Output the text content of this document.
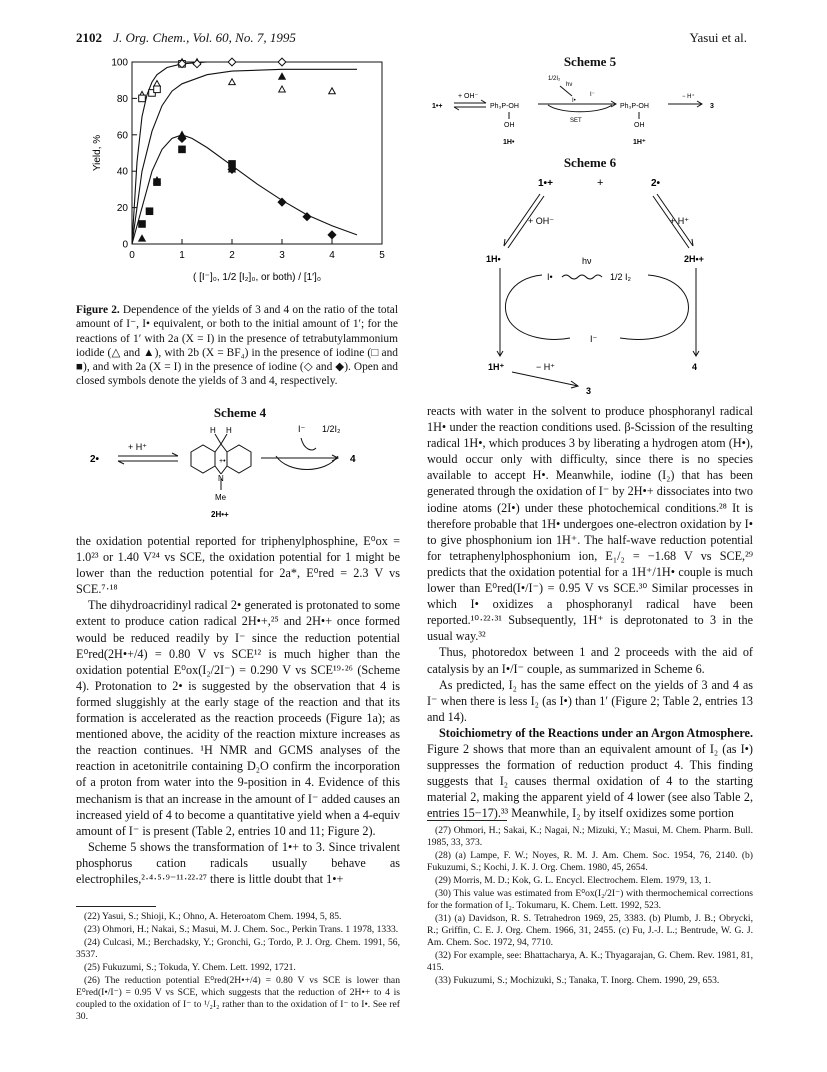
2102 J. Org. Chem., Vol. 60, No. 7, 1995	Yasui et al.
0	1	2	3	4	5
0
20
40
60
80
100
( [I⁻]₀, 1/2 [I₂]₀, or both) / [1′]₀
Yield, %
Figure 2. Dependence of the yields of 3 and 4 on the ratio of the total amount of I⁻, I• equivalent, or both to the initial amount of 1′; for the reactions of 1′ with 2a (X = I) in the presence of tetrabutylammonium iodide (△ and ▲), with 2b (X = BF₄) in the presence of iodine (□ and ■), and with 2a (X = I) in the presence of iodine (◇ and ◆). Open and closed symbols denote the yields of 3 and 4, respectively.
Scheme 4
2•
+ H⁺
H H
+•
N
Me
2H•+
I⁻ 1/2I₂
4

the oxidation potential reported for triphenylphosphine, E⁰ox = 1.0²³ or 1.40 V²⁴ vs SCE, the oxidation potential for 1 might be lower than the reduction potential for 2a*, E⁰red = 2.3 V vs SCE.⁷·¹⁸

The dihydroacridinyl radical 2• generated is protonated to some extent to produce cation radical 2H•+,²⁵ and 2H•+ once formed would be reduced readily by I⁻ since the reduction potential E⁰red(2H•+/4) = 0.80 V vs SCE¹² is much higher than the oxidation potential E⁰ox(I₂/2I⁻) = 0.290 V vs SCE¹⁹·²⁶ (Scheme 4). Protonation to 2• is suggested by the observation that 4 is formed sluggishly at the early stage of the reaction and that its formation is accelerated as the reaction proceeds (Figure 1a); as mentioned above, the acidity of the reaction mixture increases as the reaction continues. ¹H NMR and GCMS analyses of the reaction in acetonitrile containing D₂O confirm the incorporation of a proton from water into the 9-position in 4. Evidence of this mechanism is that an increase in the amount of I⁻ added causes an increased yield of 4 to become a quantitative yield when a 4-equiv amount of I⁻ is present (Table 2, entries 10 and 11; Figure 2).

Scheme 5 shows the transformation of 1•+ to 3. Since trivalent phosphorus cation radicals usually behave as electrophiles,²·⁴·⁵·⁹⁻¹¹·²²·²⁷ there is little doubt that 1•+

(22) Yasui, S.; Shioji, K.; Ohno, A. Heteroatom Chem. 1994, 5, 85.

(23) Ohmori, H.; Nakai, S.; Masui, M. J. Chem. Soc., Perkin Trans. 1 1978, 1333.

(24) Culcasi, M.; Berchadsky, Y.; Gronchi, G.; Tordo, P. J. Org. Chem. 1991, 56, 3537.

(25) Fukuzumi, S.; Tokuda, Y. Chem. Lett. 1992, 1721.

(26) The reduction potential E⁰red(2H•+/4) = 0.80 V vs SCE is lower than E⁰red(I•/I⁻) = 0.95 V vs SCE, which suggests that the reduction of 2H•+ to 4 is coupled to the oxidation of I⁻ to ¹/₂I₂ rather than to the oxidation of I⁻ to I•. See ref 30.

Scheme 5
1•+
+ OH⁻
Ph₃P-OH
OH
1H•
1/2I₂
hν
I•
I⁻
SET
Ph₃P-OH
OH
1H⁺
− H⁺
3
Scheme 6
1•+	+	2•
+ OH⁻	+ H⁺
1H•	2H•+
hν
I•	1/2 I₂
I⁻
1H⁺	− H⁺
3
4

reacts with water in the solvent to produce phosphoranyl radical 1H• under the reaction conditions used. β-Scission of the resulting radical 1H•, which produces 3 by liberating a hydrogen atom (H•), would occur only with difficulty, since there is no species available to accept H•. Meanwhile, iodine (I₂) that has been generated through the oxidation of I⁻ by 2H•+ dissociates into two iodine atoms (2I•) under these photochemical conditions.²⁸ It is therefore probable that 1H• undergoes one-electron oxidation by I• to give phosphonium ion 1H⁺. The half-wave reduction potential for tetraphenylphosphonium ion, E₁/₂ = −1.68 V vs SCE,²⁹ predicts that the oxidation potential for a 1H⁺/1H• couple is much lower than E⁰red(I•/I⁻) = 0.95 V vs SCE.³⁰ Similar processes in which I• oxidizes a phosphoranyl radical have been reported.¹⁰·²²·³¹ Subsequently, 1H⁺ is deprotonated to 3 in the usual way.³²

Thus, photoredox between 1 and 2 proceeds with the aid of catalysis by an I•/I⁻ couple, as summarized in Scheme 6.

As predicted, I₂ has the same effect on the yields of 3 and 4 as I⁻ when there is less I₂ (as I•) than 1′ (Figure 2; Table 2, entries 13 and 14).

Stoichiometry of the Reactions under an Argon Atmosphere. Figure 2 shows that more than an equivalent amount of I₂ (as I•) suppresses the formation of reduction product 4. This finding suggests that I₂ causes thermal oxidation of 4 to the starting material 2, making the apparent yield of 4 lower (see also Table 2, entries 15−17).³³ Meanwhile, I₂ by itself oxidizes some portion

(27) Ohmori, H.; Sakai, K.; Nagai, N.; Mizuki, Y.; Masui, M. Chem. Pharm. Bull. 1985, 33, 373.

(28) (a) Lampe, F. W.; Noyes, R. M. J. Am. Chem. Soc. 1954, 76, 2140. (b) Fukuzumi, S.; Kochi, J. K. J. Org. Chem. 1980, 45, 2654.

(29) Morris, M. D.; Kok, G. L. Encycl. Electrochem. Elem. 1979, 13, 1.

(30) This value was estimated from E⁰ox(I₂/2I⁻) with thermochemical corrections for the formation of I₂. Tokumaru, K. Chem. Lett. 1992, 523.

(31) (a) Davidson, R. S. Tetrahedron 1969, 25, 3383. (b) Plumb, J. B.; Obrycki, R.; Griffin, C. E. J. Org. Chem. 1966, 31, 2455. (c) Fu, J.-J. L.; Bentrude, W. G. J. Am. Chem. Soc. 1972, 94, 7710.

(32) For example, see: Bhattacharya, A. K.; Thyagarajan, G. Chem. Rev. 1981, 81, 415.

(33) Fukuzumi, S.; Mochizuki, S.; Tanaka, T. Inorg. Chem. 1990, 29, 653.
